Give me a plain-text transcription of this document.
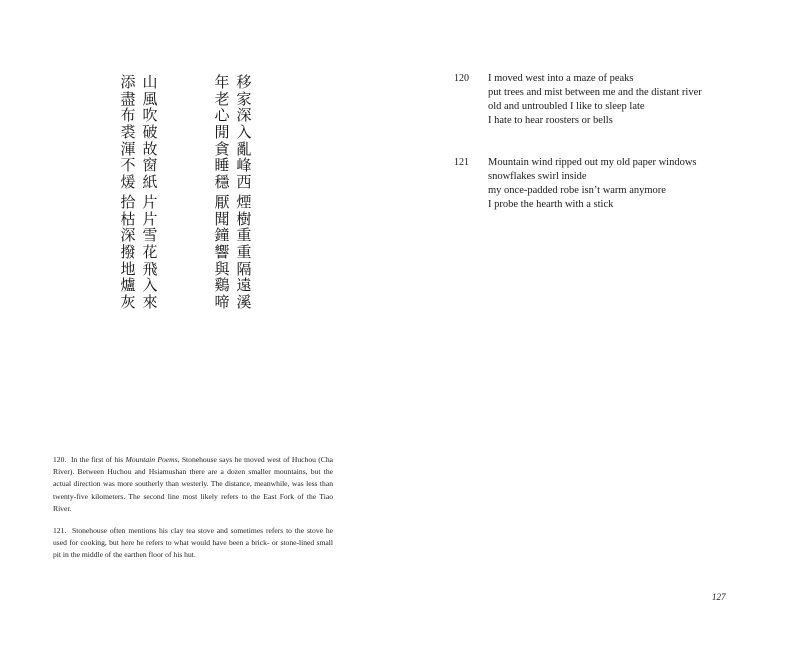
添
盡
布
裘
渾
不
煖
山
風
吹
破
故
窗
紙
拾
枯
深
撥
地
爐
灰
片
片
雪
花
飛
入
來
年
老
心
閒
貪
睡
穩
移
家
深
入
亂
峰
西
厭
聞
鐘
響
與
鷄
啼
煙
樹
重
重
隔
遠
溪

120. In the first of his Mountain Poems, Stonehouse says he moved west of Huchou (Cha River). Between Huchou and Hsiamushan there are a dozen smaller mountains, but the actual direction was more southerly than westerly. The distance, meanwhile, was less than twenty-five kilometers. The second line most likely refers to the East Fork of the Tiao River.

121. Stonehouse often mentions his clay tea stove and sometimes refers to the stove he used for cooking, but here he refers to what would have been a brick- or stone-lined small pit in the middle of the earthen floor of his hut.

120	I moved west into a maze of peaks
put trees and mist between me and the distant river
old and untroubled I like to sleep late
I hate to hear roosters or bells
121	Mountain wind ripped out my old paper windows
snowflakes swirl inside
my once-padded robe isn’t warm anymore
I probe the hearth with a stick
127
